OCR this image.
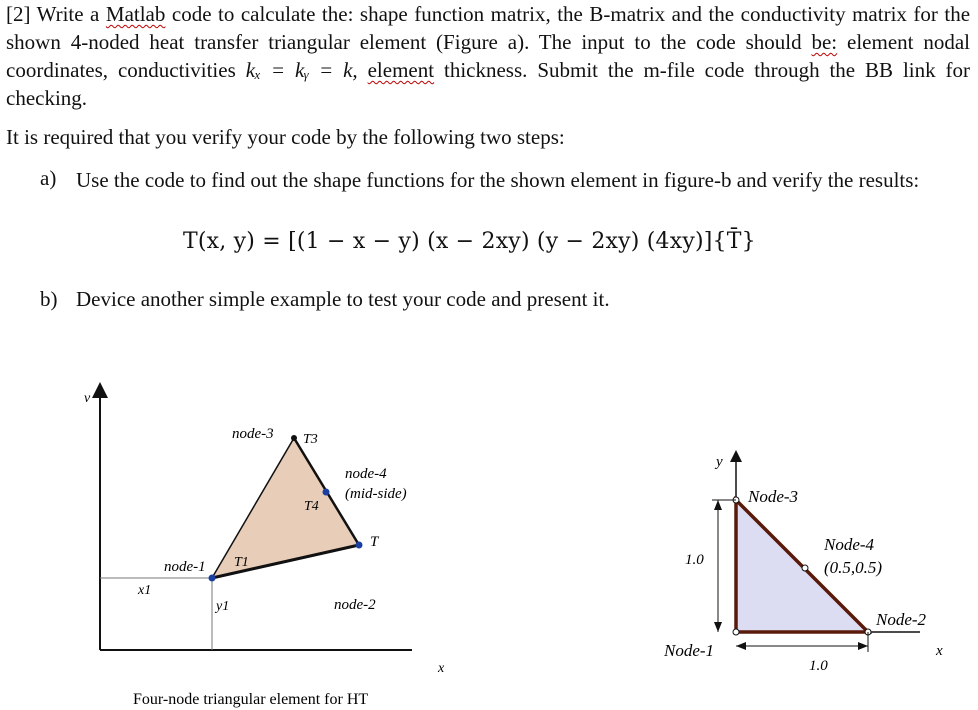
[2] Write a Matlab code to calculate the: shape function matrix, the B-matrix and the conductivity matrix for the shown 4-noded heat transfer triangular element (Figure a). The input to the code should be: element nodal coordinates, conductivities kₓ = kᵧ = k, element thickness. Submit the m-file code through the BB link for checking.
It is required that you verify your code by the following two steps:
a) Use the code to find out the shape functions for the shown element in figure-b and verify the results:
T(x, y) = [(1 − x − y) (x − 2xy) (y − 2xy) (4xy)]{T̄}
b) Device another simple example to test your code and present it.
v
x
x1
y1
node-1 T1
node-3 T3
node-4
(mid-side)
T4
T
node-2
Four-node triangular element for HT
y
x
1.0
1.0
Node-1
Node-2
Node-3
Node-4
(0.5,0.5)
